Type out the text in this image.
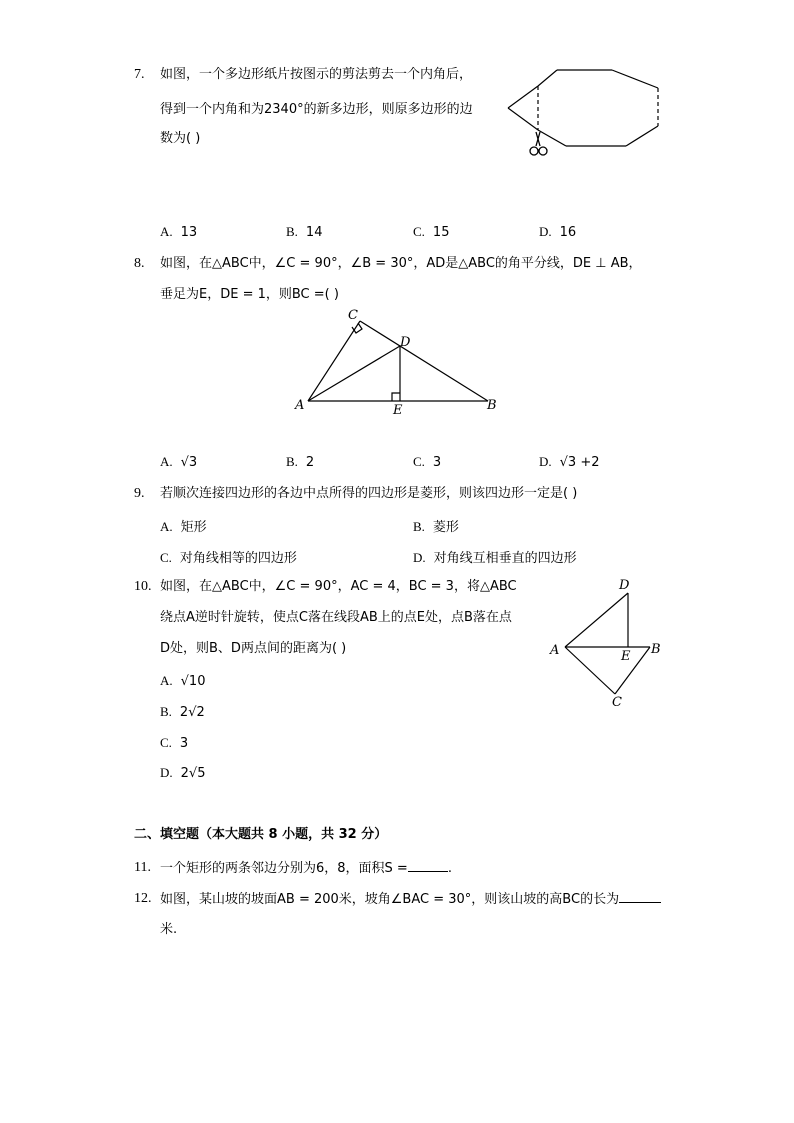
7. 如图，一个多边形纸片按图示的剪法剪去一个内角后，
得到一个内角和为2340°的新多边形，则原多边形的边
数为( )
A. 13	B. 14	C. 15	D. 16
8. 如图，在△ABC中，∠C = 90°，∠B = 30°，AD是△ABC的角平分线，DE ⊥ AB，
垂足为E，DE = 1，则BC =( )
C
D
A	E	B
A. √3	B. 2	C. 3	D. √3 +2
9. 若顺次连接四边形的各边中点所得的四边形是菱形，则该四边形一定是( )
A. 矩形	B. 菱形
C. 对角线相等的四边形	D. 对角线互相垂直的四边形
10. 如图，在△ABC中，∠C = 90°，AC = 4，BC = 3，将△ABC
绕点A逆时针旋转，使点C落在线段AB上的点E处，点B落在点
D处，则B、D两点间的距离为( )
D
A	E B
C
A. √10
B. 2√2
C. 3
D. 2√5
二、填空题（本大题共 8 小题，共 32 分）
11. 一个矩形的两条邻边分别为6，8，面积S =	.
12. 如图，某山坡的坡面AB = 200米，坡角∠BAC = 30°，则该山坡的高BC的长为
米.
